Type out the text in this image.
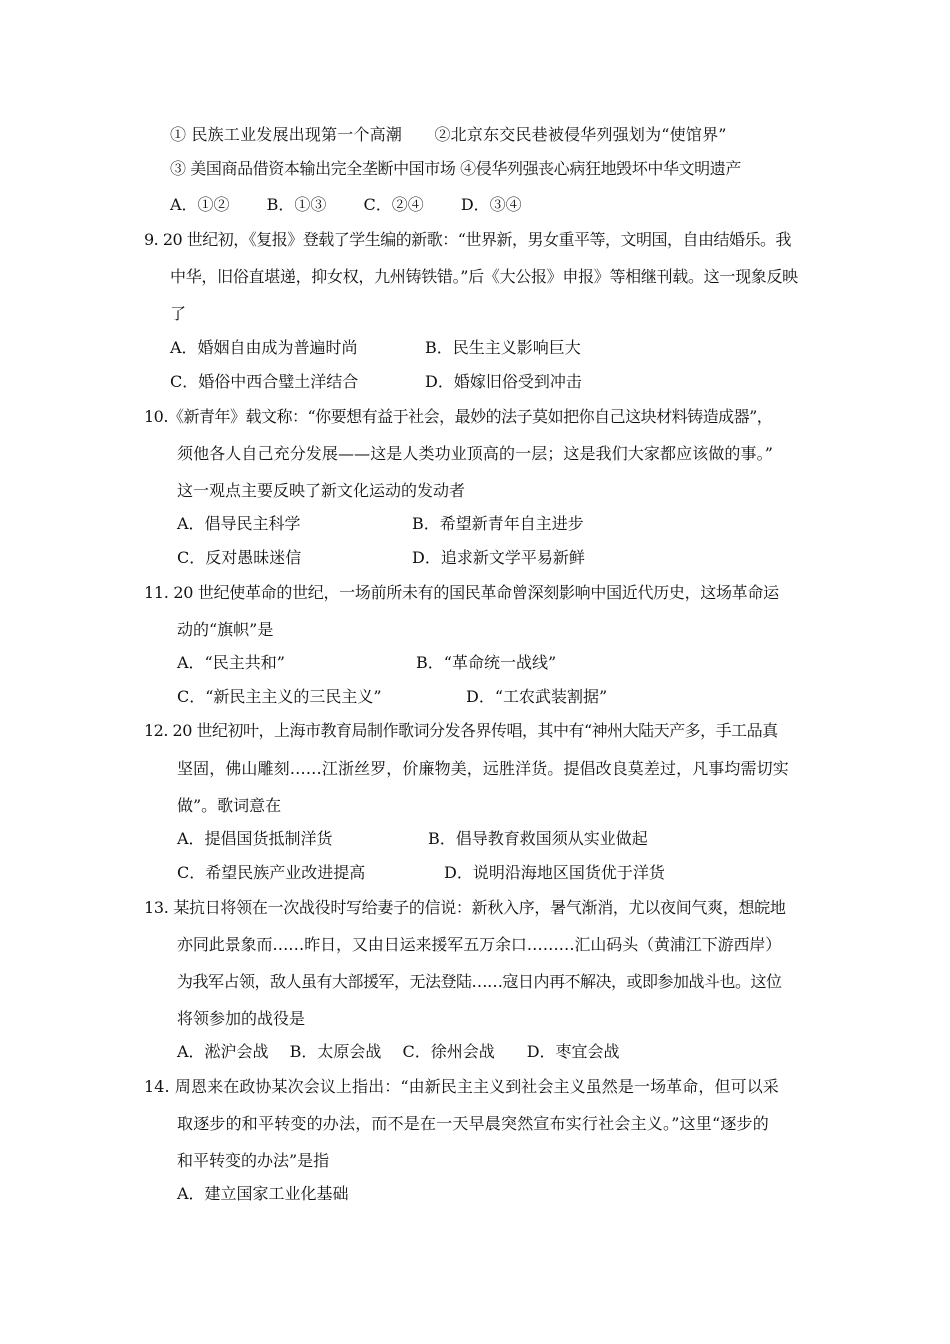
① 民族工业发展出现第一个高潮　　②北京东交民巷被侵华列强划为“使馆界”
③ 美国商品借资本输出完全垄断中国市场 ④侵华列强丧心病狂地毁坏中华文明遗产
A．①②　　 B．①③　　 C．②④　　 D．③④
9. 20 世纪初，《复报》登载了学生编的新歌：“世界新，男女重平等，文明国，自由结婚乐。我
中华，旧俗直堪递，抑女权，九州铸铁错。”后《大公报》申报》等相继刊载。这一现象反映
了
A．婚姻自由成为普遍时尚	B．民生主义影响巨大
C．婚俗中西合璧土洋结合	D．婚嫁旧俗受到冲击
10.《新青年》载文称：“你要想有益于社会，最妙的法子莫如把你自己这块材料铸造成器”，
须他各人自己充分发展——这是人类功业顶高的一层；这是我们大家都应该做的事。”
这一观点主要反映了新文化运动的发动者
A．倡导民主科学	B．希望新青年自主进步
C．反对愚昧迷信	D．追求新文学平易新鲜
11. 20 世纪使革命的世纪，一场前所未有的国民革命曾深刻影响中国近代历史，这场革命运
动的“旗帜”是
A．“民主共和”	B．“革命统一战线”
C．“新民主主义的三民主义”	D．“工农武装割据”
12. 20 世纪初叶，上海市教育局制作歌词分发各界传唱，其中有“神州大陆天产多，手工品真
坚固，佛山雕刻……江浙丝罗，价廉物美，远胜洋货。提倡改良莫差过，凡事均需切实
做”。歌词意在
A．提倡国货抵制洋货	B．倡导教育救国须从实业做起
C．希望民族产业改进提高	D．说明沿海地区国货优于洋货
13. 某抗日将领在一次战役时写给妻子的信说：新秋入序，暑气渐消，尤以夜间气爽，想皖地
亦同此景象而……昨日，又由日运来援军五万余口………汇山码头（黄浦江下游西岸）
为我军占领，敌人虽有大部援军，无法登陆……寇日内再不解决，或即参加战斗也。这位
将领参加的战役是
A．淞沪会战　 B．太原会战　 C．徐州会战　　D．枣宜会战
14. 周恩来在政协某次会议上指出：“由新民主主义到社会主义虽然是一场革命，但可以采
取逐步的和平转变的办法，而不是在一天早晨突然宣布实行社会主义。”这里“逐步的
和平转变的办法”是指
A．建立国家工业化基础
